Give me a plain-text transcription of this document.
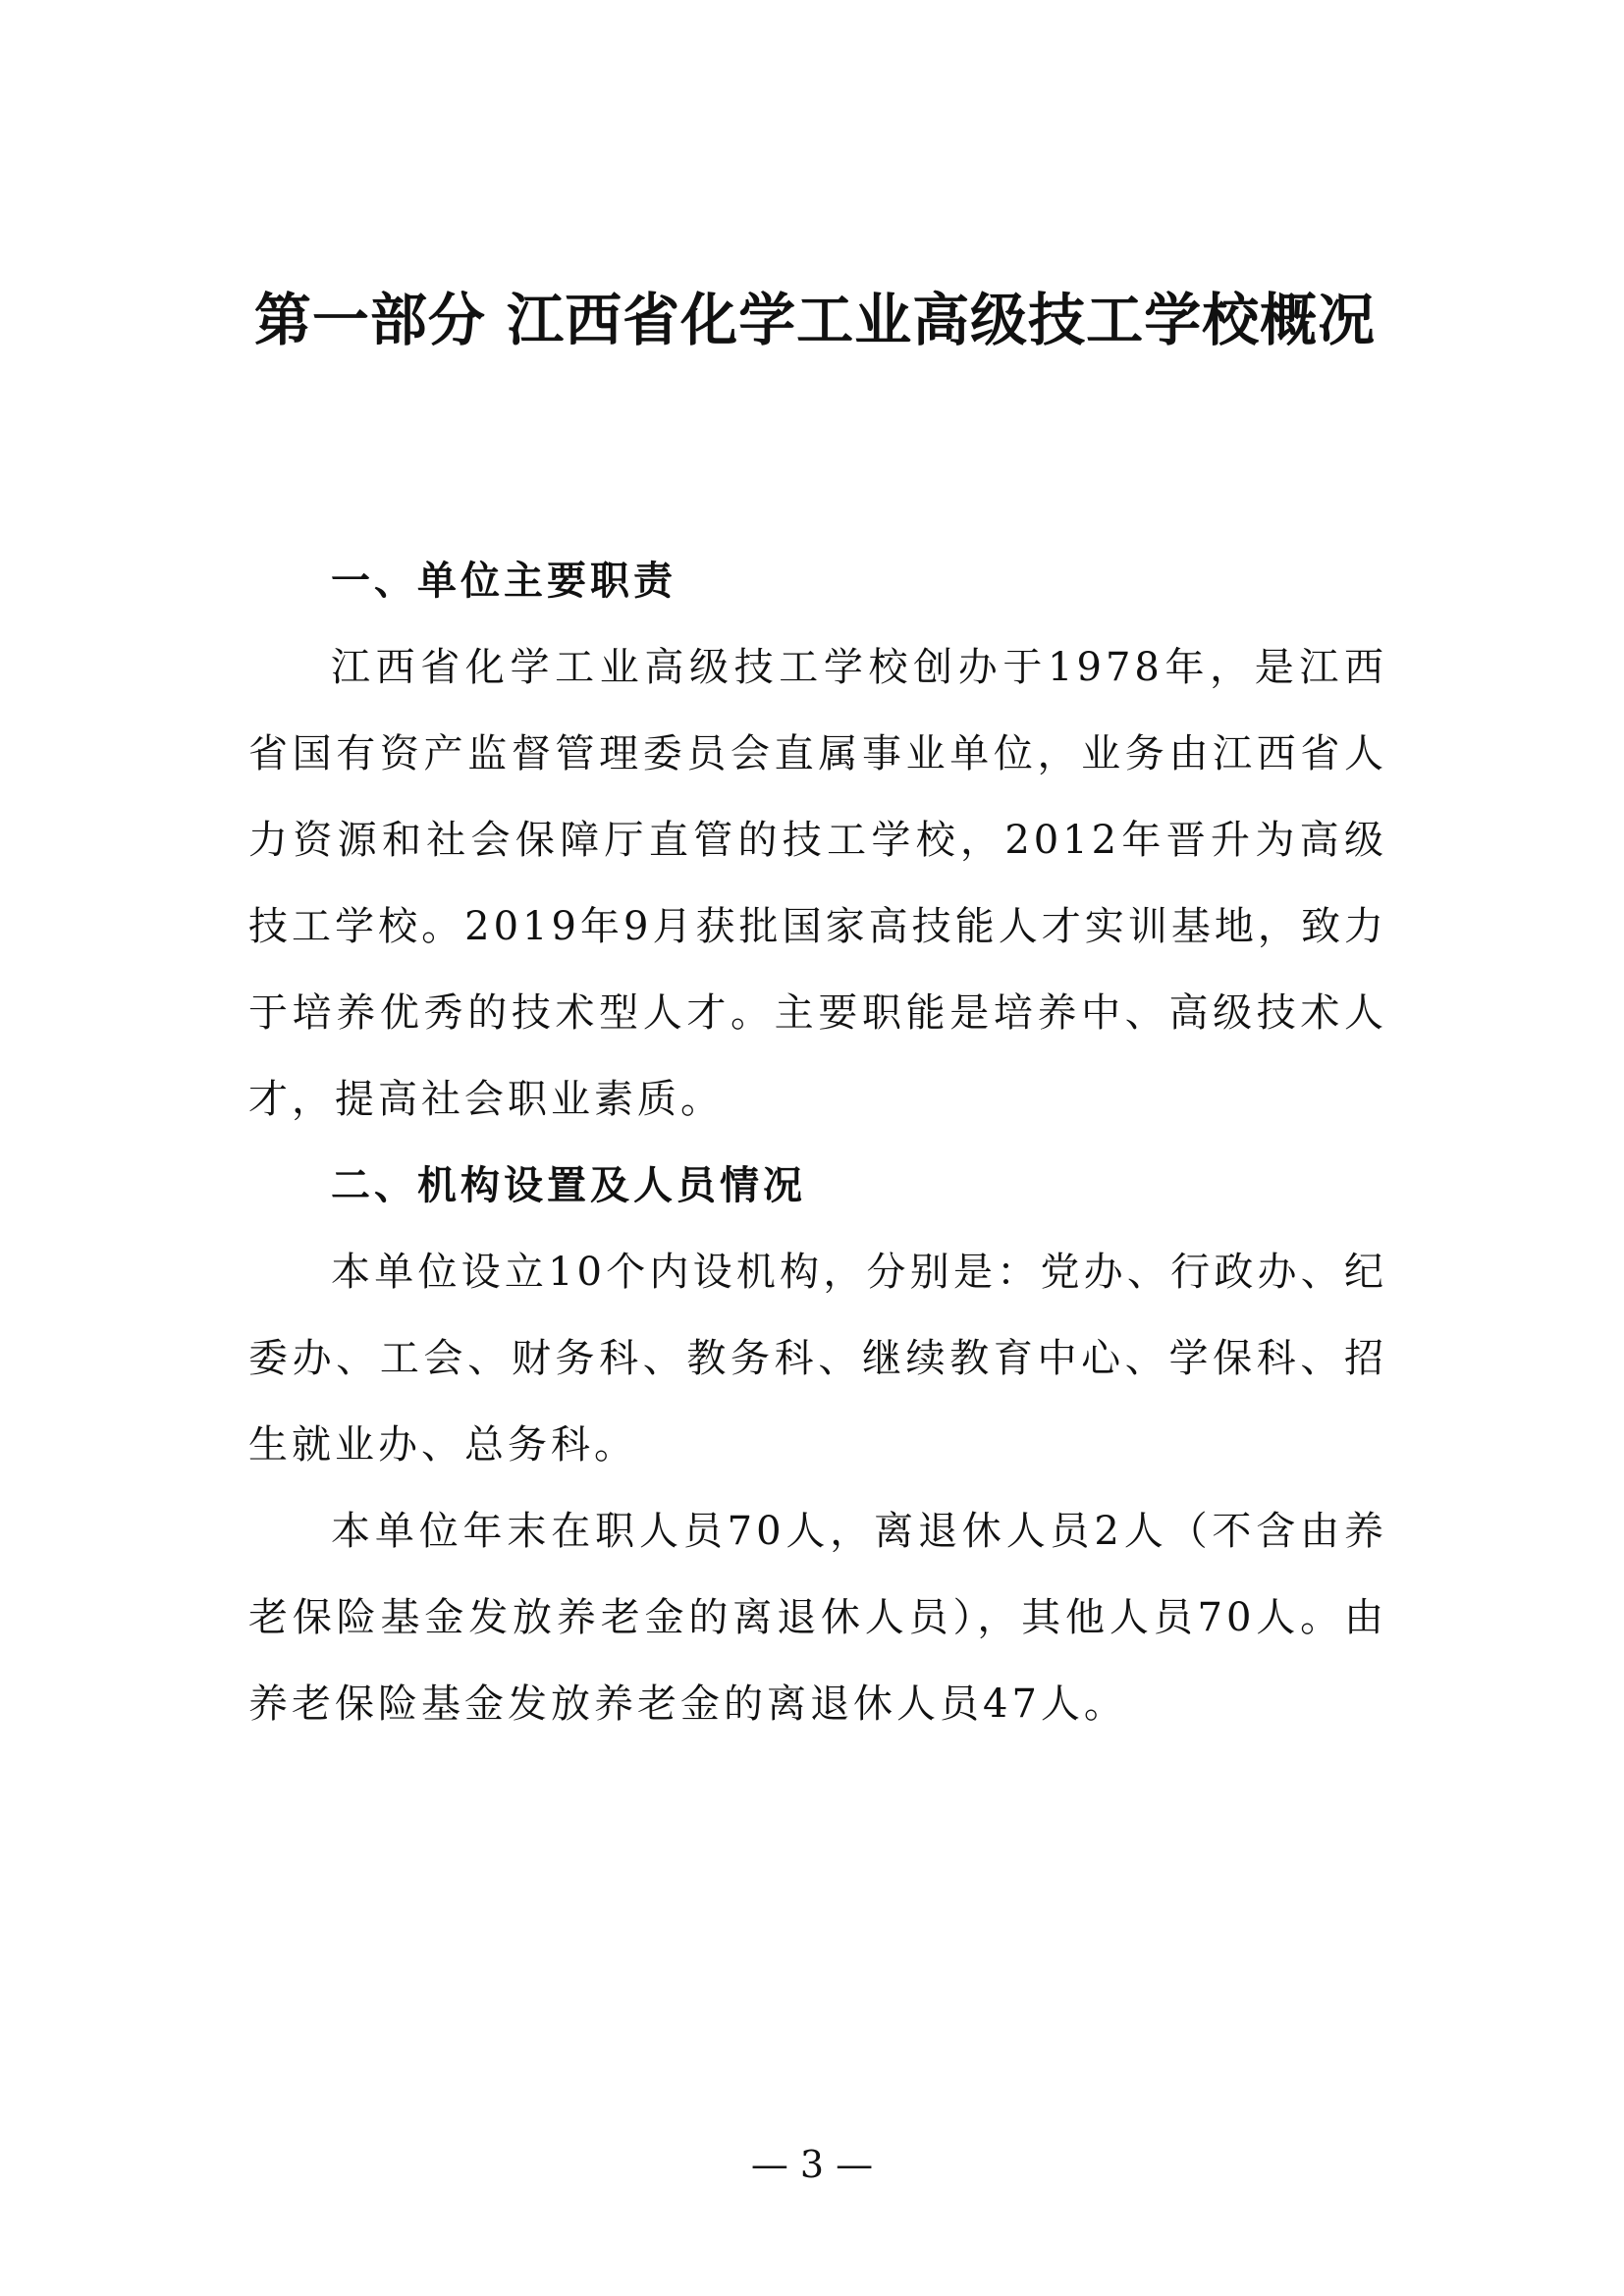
第一部分 江西省化学工业高级技工学校概况

一、单位主要职责

江西省化学工业高级技工学校创办于1978年，是江西省国有资产监督管理委员会直属事业单位，业务由江西省人力资源和社会保障厅直管的技工学校，2012年晋升为高级技工学校。2019年9月获批国家高技能人才实训基地，致力于培养优秀的技术型人才。主要职能是培养中、高级技术人才，提高社会职业素质。

二、机构设置及人员情况

本单位设立10个内设机构，分别是：党办、行政办、纪委办、工会、财务科、教务科、继续教育中心、学保科、招生就业办、总务科。

本单位年末在职人员70人，离退休人员2人（不含由养老保险基金发放养老金的离退休人员），其他人员70人。由养老保险基金发放养老金的离退休人员47人。

— 3 —
